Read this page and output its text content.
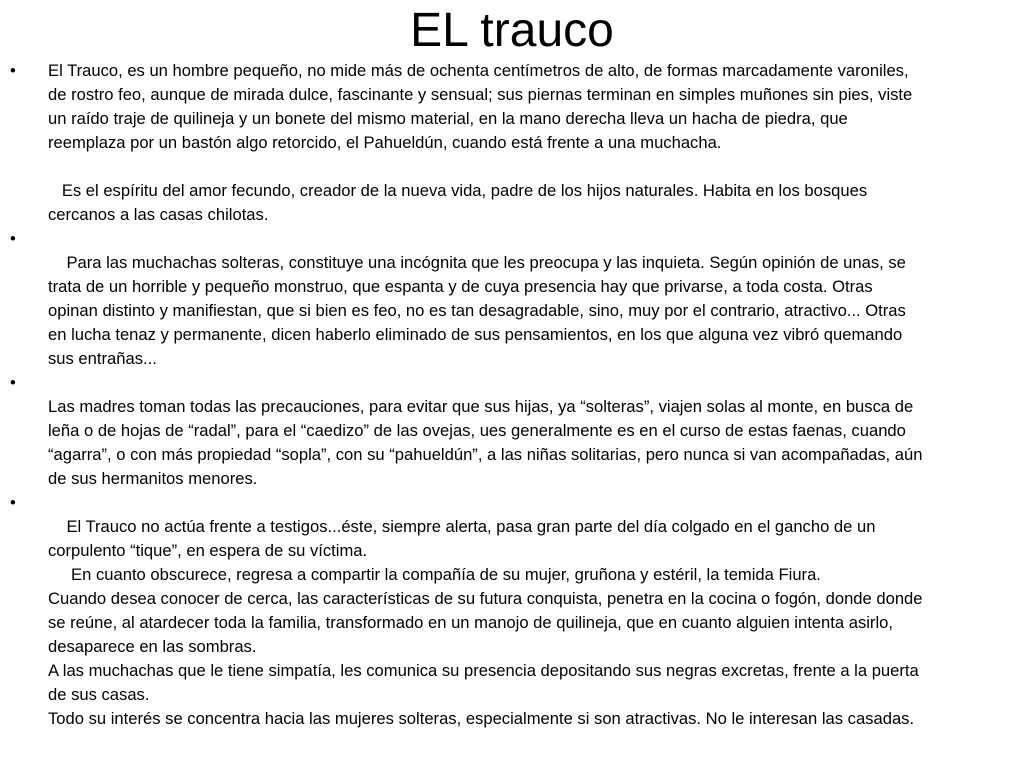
EL trauco
• El Trauco, es un hombre pequeño, no mide más de ochenta centímetros de alto, de formas marcadamente varoniles,
de rostro feo, aunque de mirada dulce, fascinante y sensual; sus piernas terminan en simples muñones sin pies, viste
un raído traje de quilineja y un bonete del mismo material, en la mano derecha lleva un hacha de piedra, que
reemplaza por un bastón algo retorcido, el Pahueldún, cuando está frente a una muchacha.
Es el espíritu del amor fecundo, creador de la nueva vida, padre de los hijos naturales. Habita en los bosques
cercanos a las casas chilotas.
•     Para las muchachas solteras, constituye una incógnita que les preocupa y las inquieta. Según opinión de unas, se
trata de un horrible y pequeño monstruo, que espanta y de cuya presencia hay que privarse, a toda costa. Otras
opinan distinto y manifiestan, que si bien es feo, no es tan desagradable, sino, muy por el contrario, atractivo... Otras
en lucha tenaz y permanente, dicen haberlo eliminado de sus pensamientos, en los que alguna vez vibró quemando
sus entrañas...
• Las madres toman todas las precauciones, para evitar que sus hijas, ya “solteras”, viajen solas al monte, en busca de
leña o de hojas de “radal”, para el “caedizo” de las ovejas, ues generalmente es en el curso de estas faenas, cuando
“agarra”, o con más propiedad “sopla”, con su “pahueldún”, a las niñas solitarias, pero nunca si van acompañadas, aún
de sus hermanitos menores.
•     El Trauco no actúa frente a testigos...éste, siempre alerta, pasa gran parte del día colgado en el gancho de un
corpulento “tique”, en espera de su víctima.
En cuanto obscurece, regresa a compartir la compañía de su mujer, gruñona y estéril, la temida Fiura.
Cuando desea conocer de cerca, las características de su futura conquista, penetra en la cocina o fogón, donde donde
se reúne, al atardecer toda la familia, transformado en un manojo de quilineja, que en cuanto alguien intenta asirlo,
desaparece en las sombras.
A las muchachas que le tiene simpatía, les comunica su presencia depositando sus negras excretas, frente a la puerta
de sus casas.
Todo su interés se concentra hacia las mujeres solteras, especialmente si son atractivas. No le interesan las casadas.
